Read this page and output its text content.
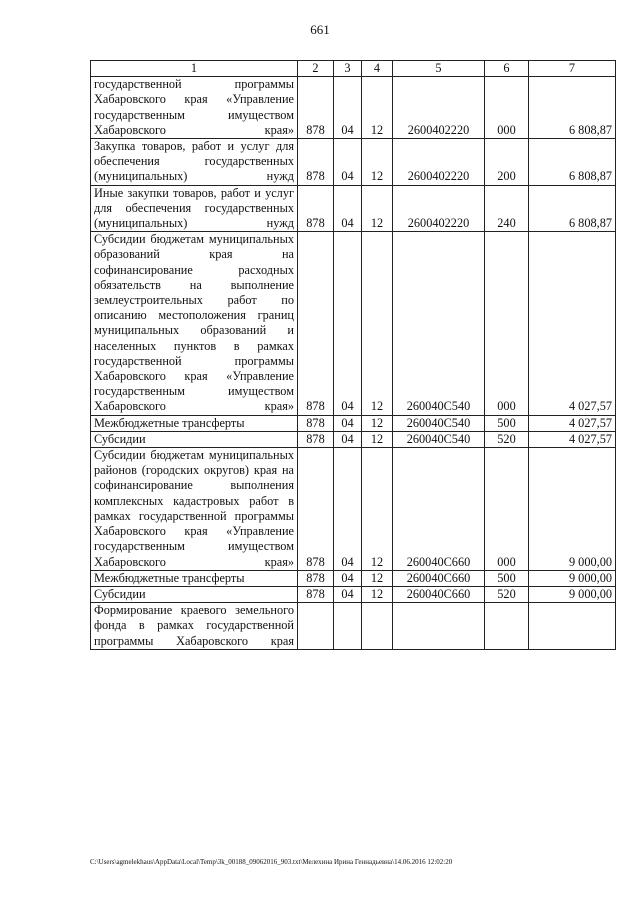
661
1	2	3	4	5	6	7
государственной программы Хабаровского края «Управление государственным имуществом Хабаровского края»	878	04	12	2600402220	000	6 808,87
Закупка товаров, работ и услуг для обеспечения государственных (муниципальных) нужд	878	04	12	2600402220	200	6 808,87
Иные закупки товаров, работ и услуг для обеспечения государственных (муниципальных) нужд	878	04	12	2600402220	240	6 808,87
Субсидии бюджетам муниципальных образований края на софинансирование расходных обязательств на выполнение землеустроительных работ по описанию местоположения границ муниципальных образований и населенных пунктов в рамках государственной программы Хабаровского края «Управление государственным имуществом Хабаровского края»	878	04	12	260040С540	000	4 027,57
Межбюджетные трансферты	878	04	12	260040С540	500	4 027,57
Субсидии	878	04	12	260040С540	520	4 027,57
Субсидии бюджетам муниципальных районов (городских округов) края на софинансирование выполнения комплексных кадастровых работ в рамках государственной программы Хабаровского края «Управление государственным имуществом Хабаровского края»	878	04	12	260040С660	000	9 000,00
Межбюджетные трансферты	878	04	12	260040С660	500	9 000,00
Субсидии	878	04	12	260040С660	520	9 000,00
Формирование краевого земельного фонда в рамках государственной программы Хабаровского края						
C:\Users\agmelekhaus\AppData\Local\Temp\3k_00188_09062016_903.txt\Мелехина Ирина Геннадьевна\14.06.2016 12:02:20
